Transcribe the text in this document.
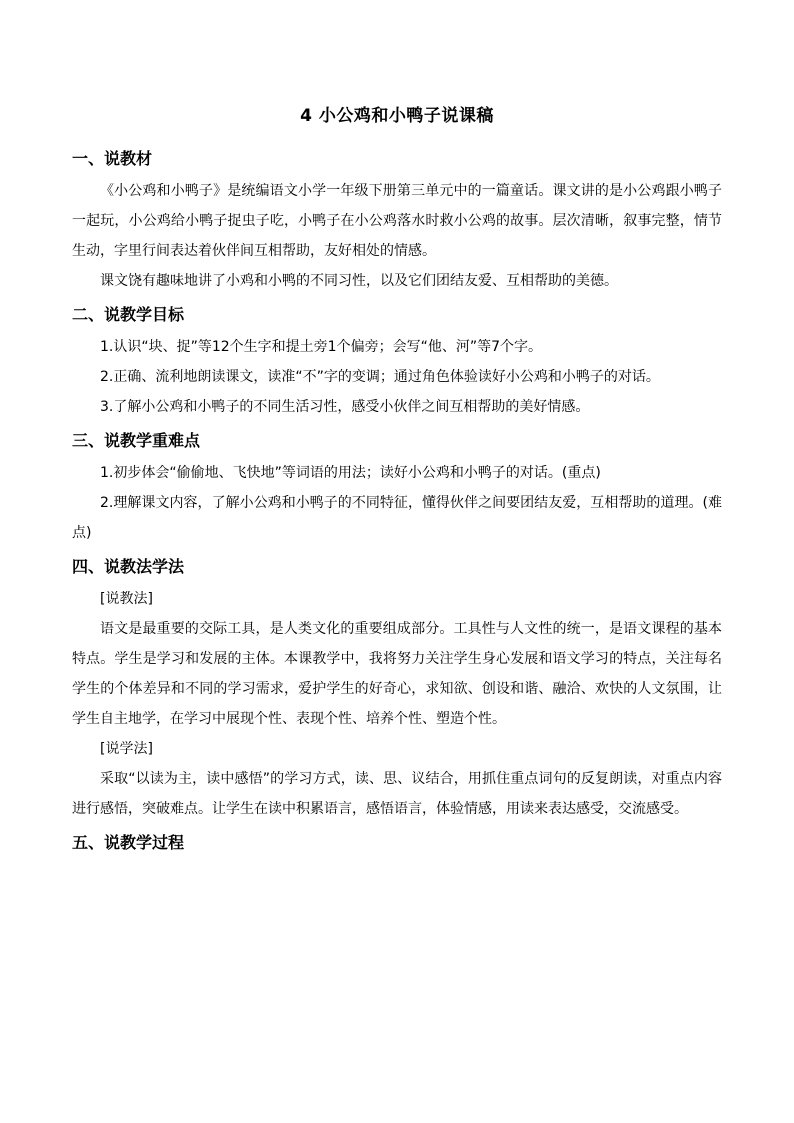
4 小公鸡和小鸭子说课稿
一、说教材

《小公鸡和小鸭子》是统编语文小学一年级下册第三单元中的一篇童话。课文讲的是小公鸡跟小鸭子一起玩，小公鸡给小鸭子捉虫子吃，小鸭子在小公鸡落水时救小公鸡的故事。层次清晰，叙事完整，情节生动，字里行间表达着伙伴间互相帮助，友好相处的情感。

课文饶有趣味地讲了小鸡和小鸭的不同习性，以及它们团结友爱、互相帮助的美德。

二、说教学目标

1.认识“块、捉”等12个生字和提土旁1个偏旁；会写“他、河”等7个字。

2.正确、流利地朗读课文，读准“不”字的变调；通过角色体验读好小公鸡和小鸭子的对话。

3.了解小公鸡和小鸭子的不同生活习性，感受小伙伴之间互相帮助的美好情感。

三、说教学重难点

1.初步体会“偷偷地、飞快地”等词语的用法；读好小公鸡和小鸭子的对话。(重点)

2.理解课文内容，了解小公鸡和小鸭子的不同特征，懂得伙伴之间要团结友爱，互相帮助的道理。(难点)

四、说教法学法

[说教法]

语文是最重要的交际工具，是人类文化的重要组成部分。工具性与人文性的统一，是语文课程的基本特点。学生是学习和发展的主体。本课教学中，我将努力关注学生身心发展和语文学习的特点，关注每名学生的个体差异和不同的学习需求，爱护学生的好奇心，求知欲、创设和谐、融洽、欢快的人文氛围，让学生自主地学，在学习中展现个性、表现个性、培养个性、塑造个性。

[说学法]

采取“以读为主，读中感悟”的学习方式，读、思、议结合，用抓住重点词句的反复朗读，对重点内容进行感悟，突破难点。让学生在读中积累语言，感悟语言，体验情感，用读来表达感受，交流感受。

五、说教学过程
